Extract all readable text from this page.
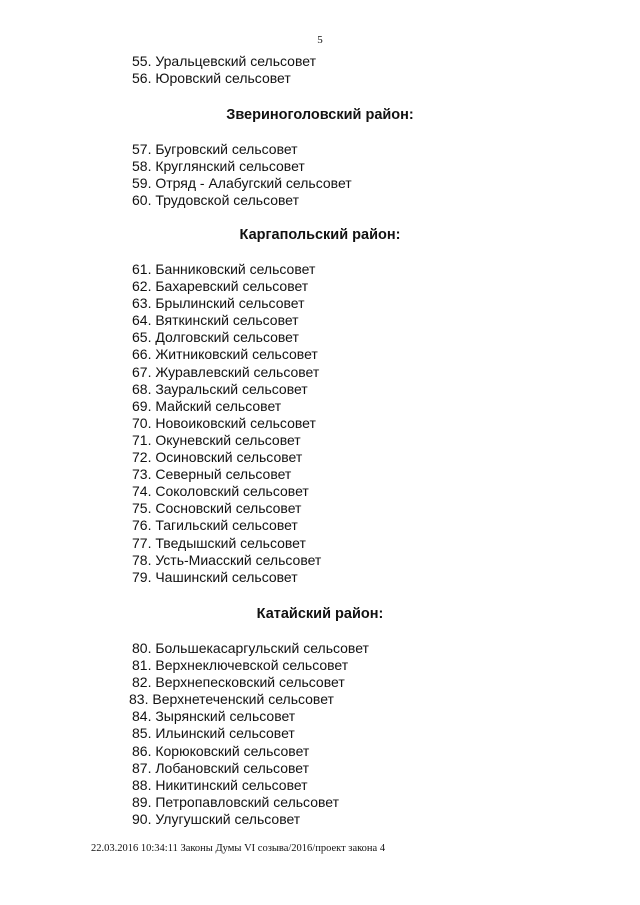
5
55. Уральцевский сельсовет
56. Юровский сельсовет
Звериноголовский район:
57. Бугровский сельсовет
58. Круглянский сельсовет
59. Отряд - Алабугский сельсовет
60. Трудовской сельсовет
Каргапольский район:
61. Банниковский сельсовет
62. Бахаревский сельсовет
63. Брылинский сельсовет
64. Вяткинский сельсовет
65. Долговский сельсовет
66. Житниковский сельсовет
67. Журавлевский сельсовет
68. Зауральский сельсовет
69. Майский сельсовет
70. Новоиковский сельсовет
71. Окуневский сельсовет
72. Осиновский сельсовет
73. Северный сельсовет
74. Соколовский сельсовет
75. Сосновский сельсовет
76. Тагильский сельсовет
77. Тведышский сельсовет
78. Усть-Миасский сельсовет
79. Чашинский сельсовет
Катайский район:
80. Большекасаргульский сельсовет
81. Верхнеключевской сельсовет
82. Верхнепесковский сельсовет
83. Верхнетеченский сельсовет
84. Зырянский сельсовет
85. Ильинский сельсовет
86. Корюковский сельсовет
87. Лобановский сельсовет
88. Никитинский сельсовет
89. Петропавловский сельсовет
90. Улугушский сельсовет
22.03.2016 10:34:11 Законы Думы VI созыва/2016/проект закона 4
